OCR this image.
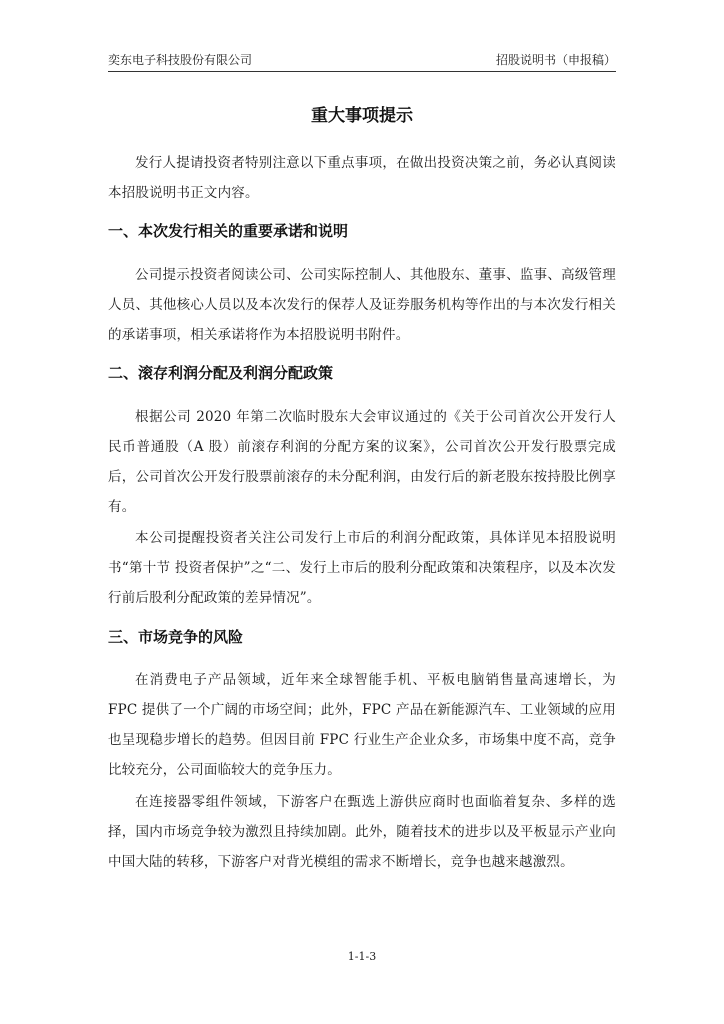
奕东电子科技股份有限公司	招股说明书（申报稿）
重大事项提示

发行人提请投资者特别注意以下重点事项，在做出投资决策之前，务必认真阅读本招股说明书正文内容。

一、本次发行相关的重要承诺和说明

公司提示投资者阅读公司、公司实际控制人、其他股东、董事、监事、高级管理人员、其他核心人员以及本次发行的保荐人及证券服务机构等作出的与本次发行相关的承诺事项，相关承诺将作为本招股说明书附件。

二、滚存利润分配及利润分配政策

根据公司 2020 年第二次临时股东大会审议通过的《关于公司首次公开发行人民币普通股（A 股）前滚存利润的分配方案的议案》，公司首次公开发行股票完成后，公司首次公开发行股票前滚存的未分配利润，由发行后的新老股东按持股比例享有。

本公司提醒投资者关注公司发行上市后的利润分配政策，具体详见本招股说明书“第十节 投资者保护”之“二、发行上市后的股利分配政策和决策程序，以及本次发行前后股利分配政策的差异情况”。

三、市场竞争的风险

在消费电子产品领域，近年来全球智能手机、平板电脑销售量高速增长，为 FPC 提供了一个广阔的市场空间；此外，FPC 产品在新能源汽车、工业领域的应用也呈现稳步增长的趋势。但因目前 FPC 行业生产企业众多，市场集中度不高，竞争比较充分，公司面临较大的竞争压力。

在连接器零组件领域，下游客户在甄选上游供应商时也面临着复杂、多样的选择，国内市场竞争较为激烈且持续加剧。此外，随着技术的进步以及平板显示产业向中国大陆的转移，下游客户对背光模组的需求不断增长，竞争也越来越激烈。

1-1-3
